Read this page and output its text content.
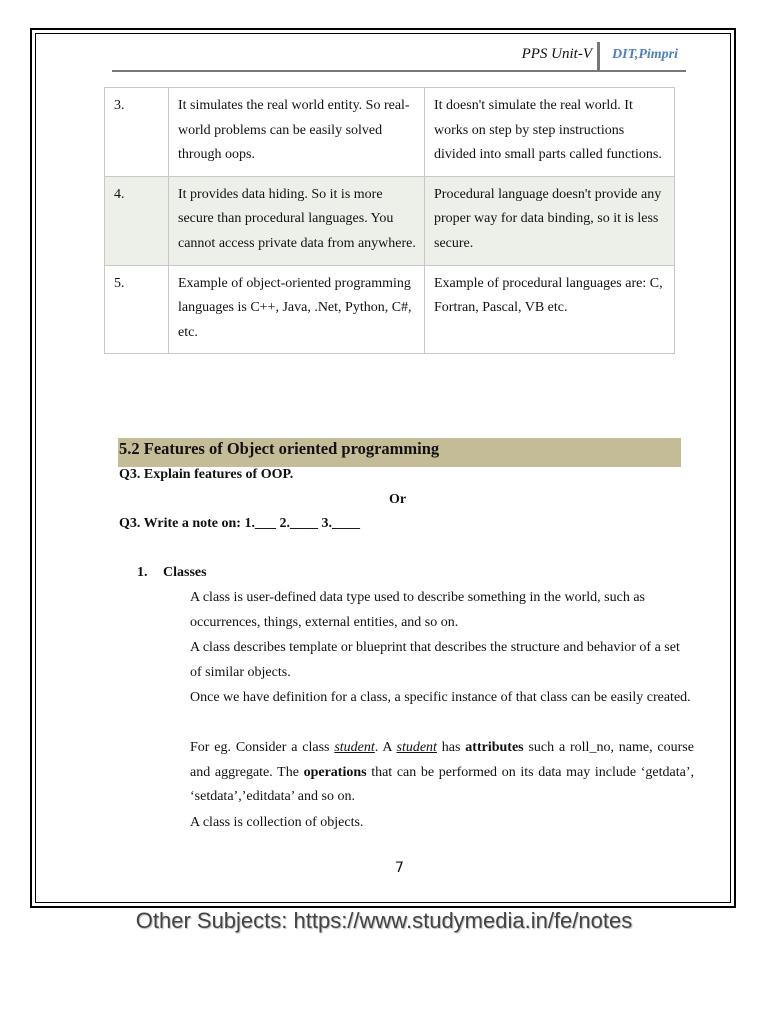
PPS Unit-V DIT,Pimpri
3.	It simulates the real world entity. So real-world problems can be easily solved through oops.	It doesn't simulate the real world. It works on step by step instructions divided into small parts called functions.
4.	It provides data hiding. So it is more secure than procedural languages. You cannot access private data from anywhere.	Procedural language doesn't provide any proper way for data binding, so it is less secure.
5.	Example of object-oriented programming languages is C++, Java, .Net, Python, C#, etc.	Example of procedural languages are: C, Fortran, Pascal, VB etc.
5.2 Features of Object oriented programming
Q3. Explain features of OOP.
Or
Q3. Write a note on: 1.___ 2.____ 3.____
1. Classes
A class is user-defined data type used to describe something in the world, such as occurrences, things, external entities, and so on.
A class describes template or blueprint that describes the structure and behavior of a set of similar objects.
Once we have definition for a class, a specific instance of that class can be easily created.
For eg. Consider a class student. A student has attributes such a roll_no, name, course and aggregate. The operations that can be performed on its data may include ‘getdata’, ‘setdata’,’editdata’ and so on.
A class is collection of objects.
7
Other Subjects: https://www.studymedia.in/fe/notes
